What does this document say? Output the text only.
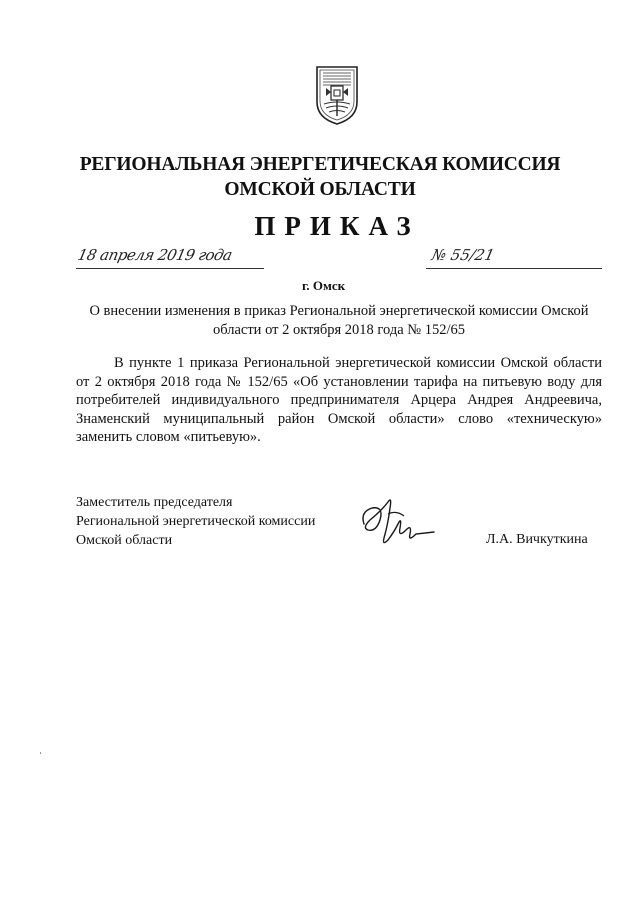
РЕГИОНАЛЬНАЯ ЭНЕРГЕТИЧЕСКАЯ КОМИССИЯ
ОМСКОЙ ОБЛАСТИ
ПРИКАЗ
18 апреля 2019 года
г. Омск
№ 55/21
О внесении изменения в приказ Региональной энергетической комиссии Омской области от 2 октября 2018 года № 152/65
В пункте 1 приказа Региональной энергетической комиссии Омской области от 2 октября 2018 года № 152/65 «Об установлении тарифа на питьевую воду для потребителей индивидуального предпринимателя Арцера Андрея Андреевича, Знаменский муниципальный район Омской области» слово «техническую» заменить словом «питьевую».
Заместитель председателя
Региональной энергетической комиссии
Омской области	Л.А. Вичкуткина
